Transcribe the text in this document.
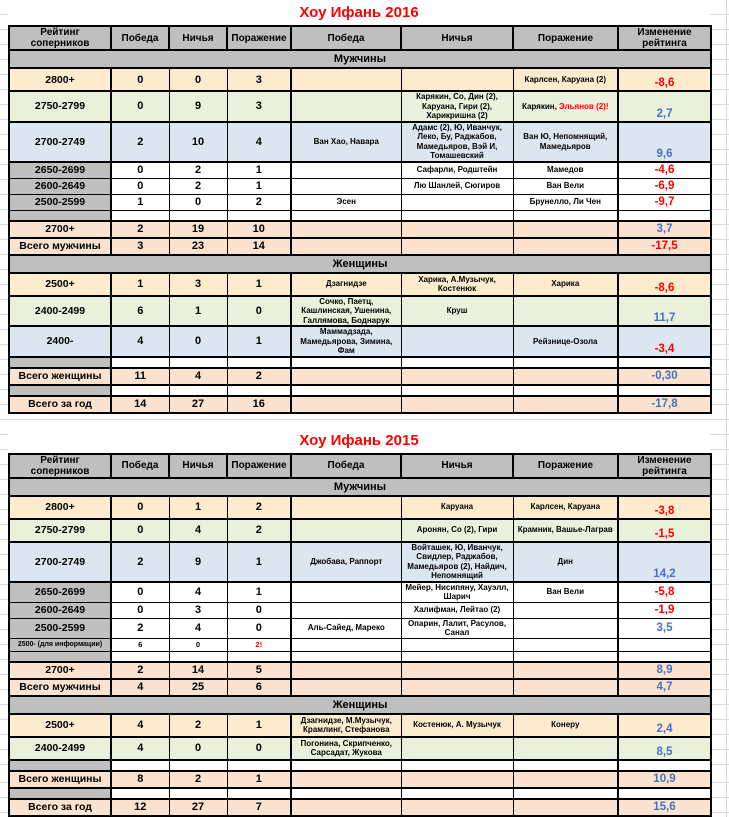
Хоу Ифань 2016
Рейтинг соперников	Победа	Ничья	Поражение	Победа	Ничья	Поражение	Изменение рейтинга
Мужчины							
2800+	0	0	3			Карлсен, Каруана (2)	-8,6
2750-2799	0	9	3		Карякин, Со, Дин (2), Каруана, Гири (2), Харикришна (2)	Карякин, Эльянов (2)!	2,7
2700-2749	2	10	4	Ван Хао, Навара	Адамс (2), Ю, Иванчук, Леко, Бу, Раджабов, Мамедьяров, Вэй И, Томашевский	Ван Ю, Непомнящий, Мамедьяров	9,6
2650-2699	0	2	1		Сафарли, Родштейн	Мамедов	-4,6
2600-2649	0	2	1		Лю Шанлей, Сюгиров	Ван Вели	-6,9
2500-2599	1	0	2	Эсен		Брунелло, Ли Чен	-9,7

2700+	2	19	10				3,7
Всего мужчины	3	23	14				-17,5
Женщины							
2500+	1	3	1	Дзагнидзе	Харика, А.Музычук, Костенюк	Харика	-8,6
2400-2499	6	1	0	Сочко, Паетц, Кашлинская, Ушенина, Галлямова, Боднарук	Круш		11,7
2400-	4	0	1	Маммадзада, Мамедьярова, Зимина, Фам		Рейзнице-Озола	-3,4

Всего женщины	11	4	2				-0,30

Всего за год	14	27	16				-17,8
Хоу Ифань 2015
Рейтинг соперников	Победа	Ничья	Поражение	Победа	Ничья	Поражение	Изменение рейтинга
Мужчины							
2800+	0	1	2		Каруана	Карлсен, Каруана	-3,8
2750-2799	0	4	2		Аронян, Со (2), Гири	Крамник, Вашье-Лаграв	-1,5
2700-2749	2	9	1	Джобава, Раппорт	Войташек, Ю, Иванчук, Свидлер, Раджабов, Мамедьяров (2), Найдич, Непомнящий	Дин	14,2
2650-2699	0	4	1		Мейер, Нисипяну, Хауэлл, Шарич	Ван Вели	-5,8
2600-2649	0	3	0		Халифман, Лейтао (2)		-1,9
2500-2599	2	4	0	Аль-Сайед, Мареко	Опарин, Лалит, Расулов, Санал		3,5
2500- (для информации)	6	0	2!				

2700+	2	14	5				8,9
Всего мужчины	4	25	6				4,7
Женщины							
2500+	4	2	1	Дзагнидзе, М.Музычук, Крамлинг, Стефанова	Костенюк, А. Музычук	Конеру	2,4
2400-2499	4	0	0	Погонина, Скрипченко, Сарсадат, Жукова			8,5

Всего женщины	8	2	1				10,9

Всего за год	12	27	7				15,6
